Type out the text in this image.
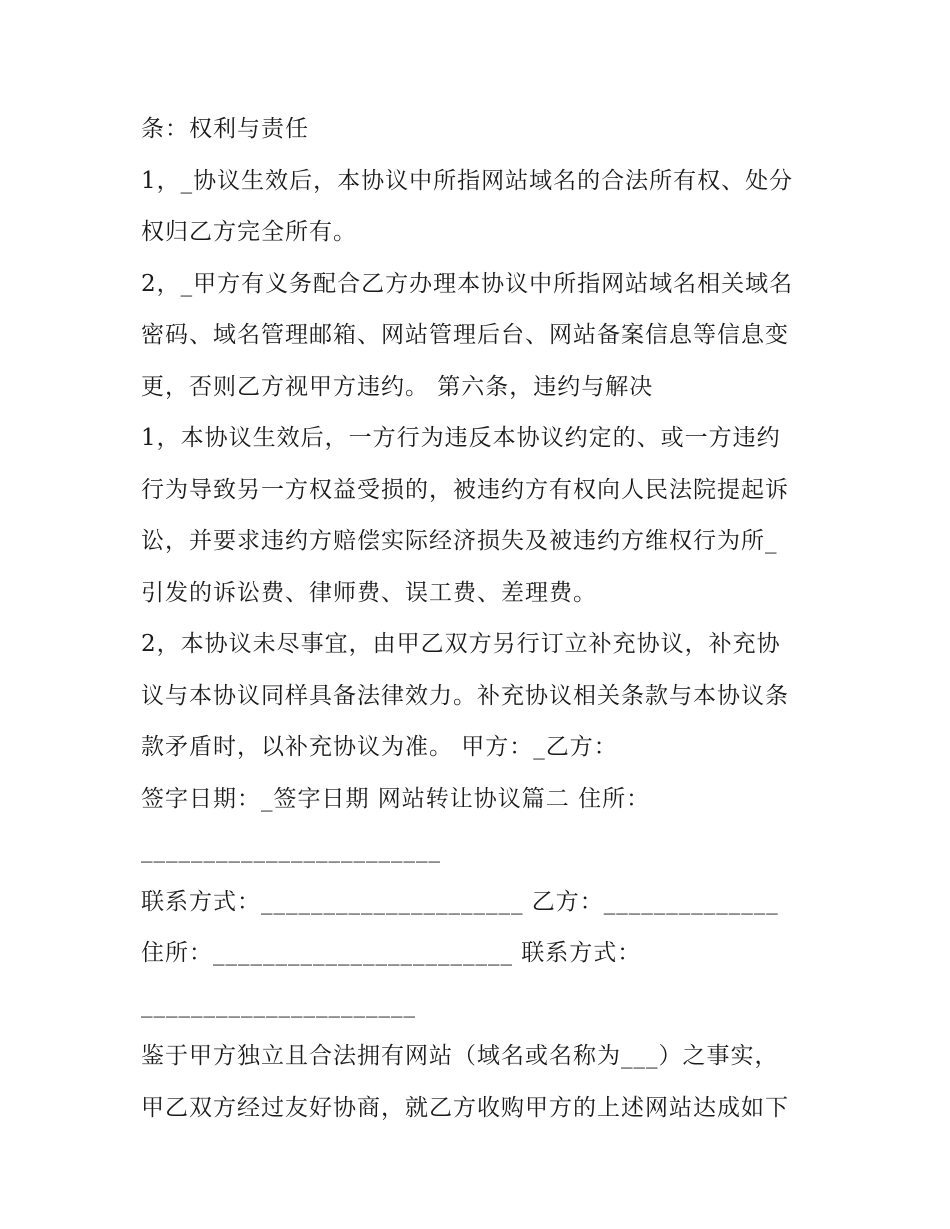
条：权利与责任
1，_协议生效后，本协议中所指网站域名的合法所有权、处分
权归乙方完全所有。
2，_甲方有义务配合乙方办理本协议中所指网站域名相关域名
密码、域名管理邮箱、网站管理后台、网站备案信息等信息变
更，否则乙方视甲方违约。 第六条，违约与解决
1，本协议生效后，一方行为违反本协议约定的、或一方违约
行为导致另一方权益受损的，被违约方有权向人民法院提起诉
讼，并要求违约方赔偿实际经济损失及被违约方维权行为所_
引发的诉讼费、律师费、误工费、差理费。
2，本协议未尽事宜，由甲乙双方另行订立补充协议，补充协
议与本协议同样具备法律效力。补充协议相关条款与本协议条
款矛盾时，以补充协议为准。 甲方：_乙方：
签字日期：_签字日期 网站转让协议篇二 住所：
________________________
联系方式：_____________________ 乙方：______________
住所：________________________ 联系方式：
______________________
鉴于甲方独立且合法拥有网站（域名或名称为___）之事实，
甲乙双方经过友好协商，就乙方收购甲方的上述网站达成如下
